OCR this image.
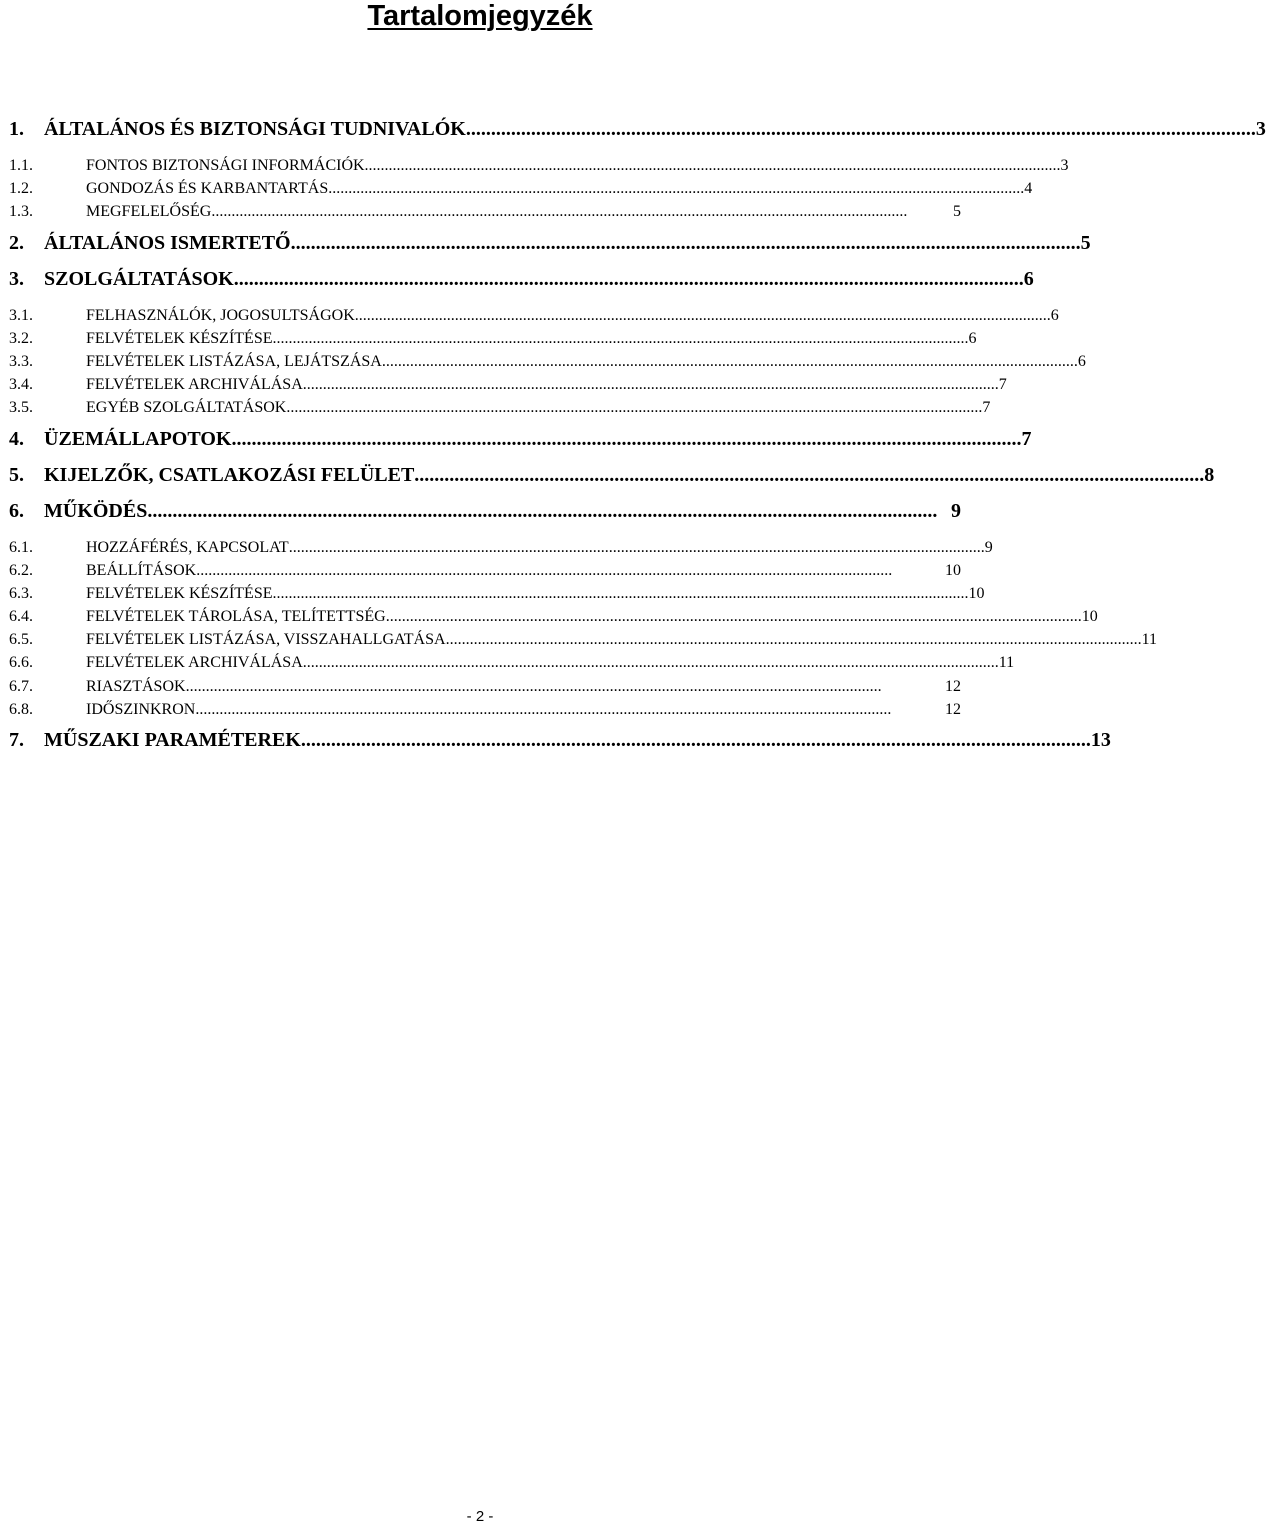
Tartalomjegyzék
1.	ÁLTALÁNOS ÉS BIZTONSÁGI TUDNIVALÓK .............................................................................................................................................................. 3
1.1.	FONTOS BIZTONSÁGI INFORMÁCIÓK .............................................................................................................................................................................. 3
1.2.	GONDOZÁS ÉS KARBANTARTÁS .............................................................................................................................................................................. 4
1.3.	MEGFELELŐSÉG ..............................................................................................................................................................................	5
2.	ÁLTALÁNOS ISMERTETŐ .............................................................................................................................................................. 5
3.	SZOLGÁLTATÁSOK .............................................................................................................................................................. 6
3.1.	FELHASZNÁLÓK, JOGOSULTSÁGOK .............................................................................................................................................................................. 6
3.2.	FELVÉTELEK KÉSZÍTÉSE .............................................................................................................................................................................. 6
3.3.	FELVÉTELEK LISTÁZÁSA, LEJÁTSZÁSA .............................................................................................................................................................................. 6
3.4.	FELVÉTELEK ARCHIVÁLÁSA .............................................................................................................................................................................. 7
3.5.	EGYÉB SZOLGÁLTATÁSOK .............................................................................................................................................................................. 7
4.	ÜZEMÁLLAPOTOK .............................................................................................................................................................. 7
5.	KIJELZŐK, CSATLAKOZÁSI FELÜLET .............................................................................................................................................................. 8
6.	MŰKÖDÉS .............................................................................................................................................................. 9
6.1.	HOZZÁFÉRÉS, KAPCSOLAT .............................................................................................................................................................................. 9
6.2.	BEÁLLÍTÁSOK ..............................................................................................................................................................................	10
6.3.	FELVÉTELEK KÉSZÍTÉSE .............................................................................................................................................................................. 10
6.4.	FELVÉTELEK TÁROLÁSA, TELÍTETTSÉG .............................................................................................................................................................................. 10
6.5.	FELVÉTELEK LISTÁZÁSA, VISSZAHALLGATÁSA .............................................................................................................................................................................. 11
6.6.	FELVÉTELEK ARCHIVÁLÁSA .............................................................................................................................................................................. 11
6.7.	RIASZTÁSOK ..............................................................................................................................................................................	12
6.8.	IDŐSZINKRON ..............................................................................................................................................................................	12
7.	MŰSZAKI PARAMÉTEREK .............................................................................................................................................................. 13
- 2 -
